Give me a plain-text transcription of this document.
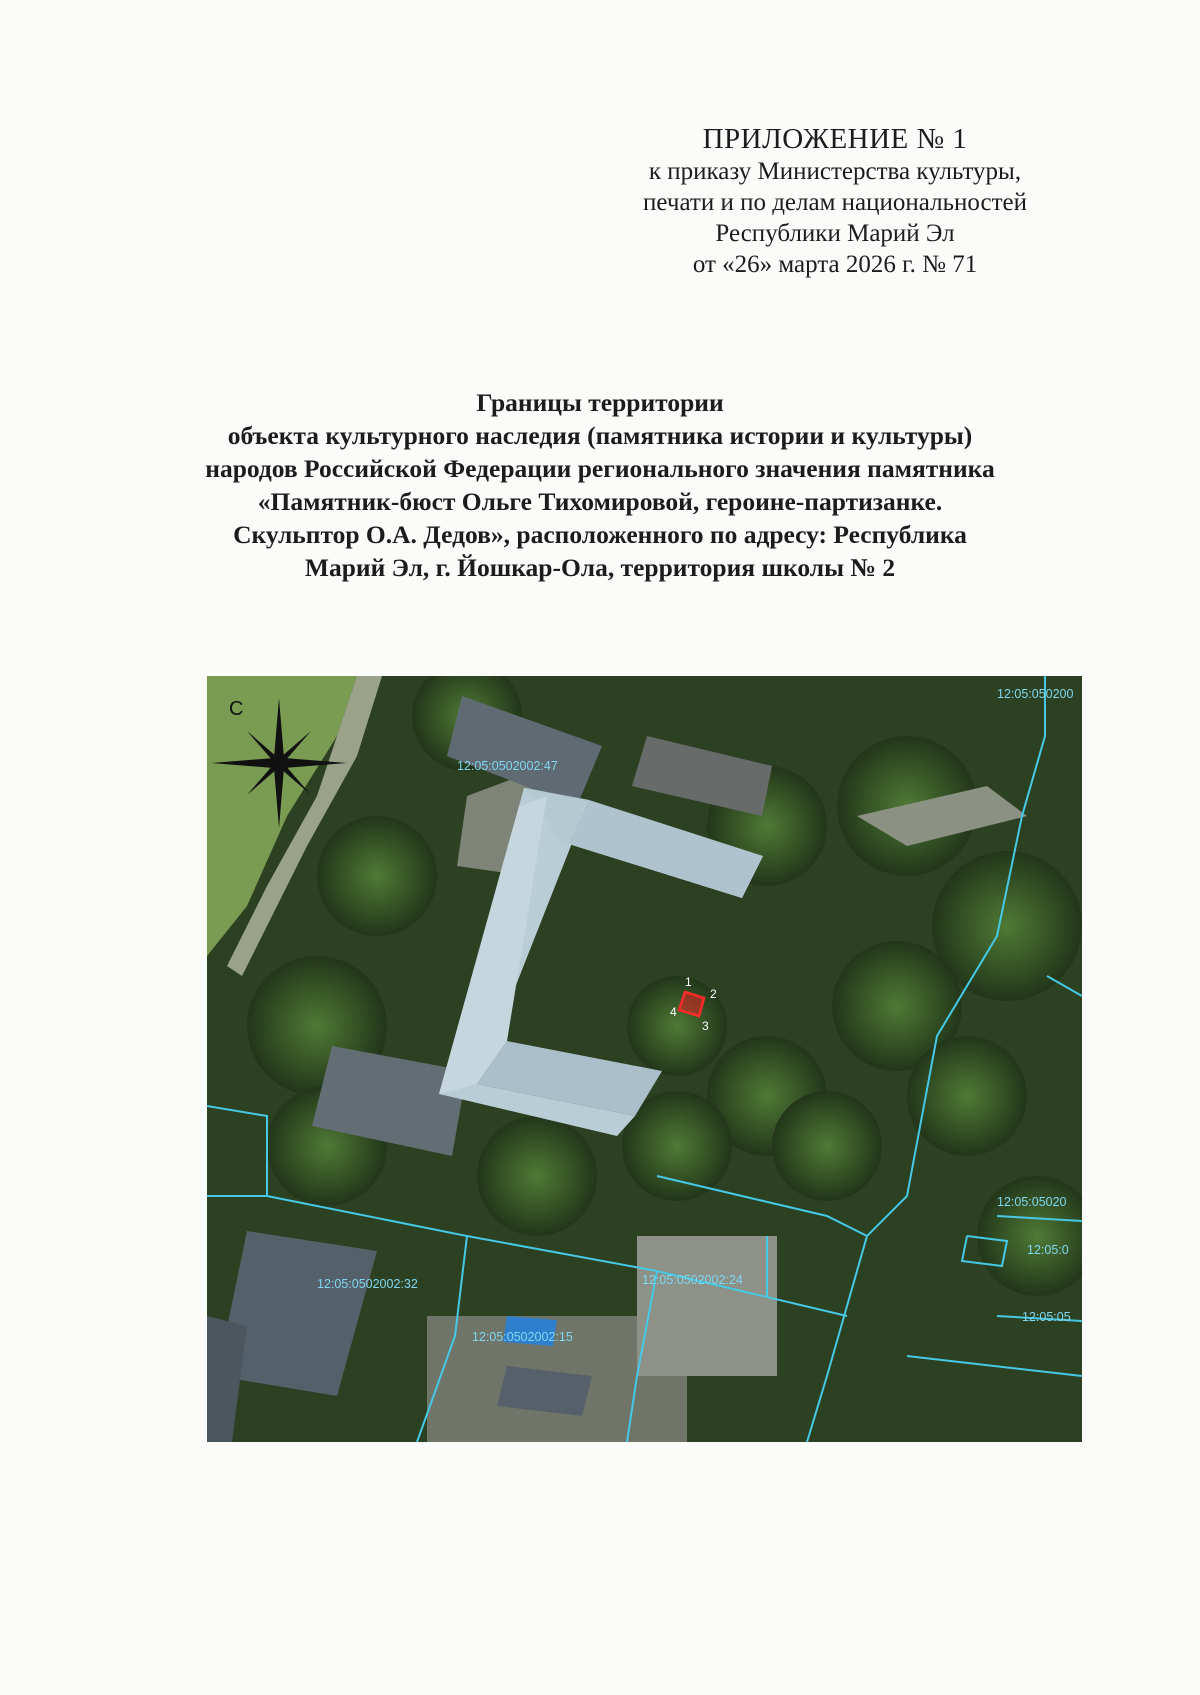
ПРИЛОЖЕНИЕ № 1
к приказу Министерства культуры,
печати и по делам национальностей
Республики Марий Эл
от «26» марта 2026 г. № 71
Границы территории
объекта культурного наследия (памятника истории и культуры)
народов Российской Федерации регионального значения памятника
«Памятник-бюст Ольге Тихомировой, героине-партизанке.
Скульптор О.А. Дедов», расположенного по адресу: Республика
Марий Эл, г. Йошкар-Ола, территория школы № 2
12:05:050200
12:05:0502002:47
12:05:05020
12:05:0
12:05:05
12:05:0502002:32	12:05:0502002:24
12:05:0502002:15
1
2
3
4
С
